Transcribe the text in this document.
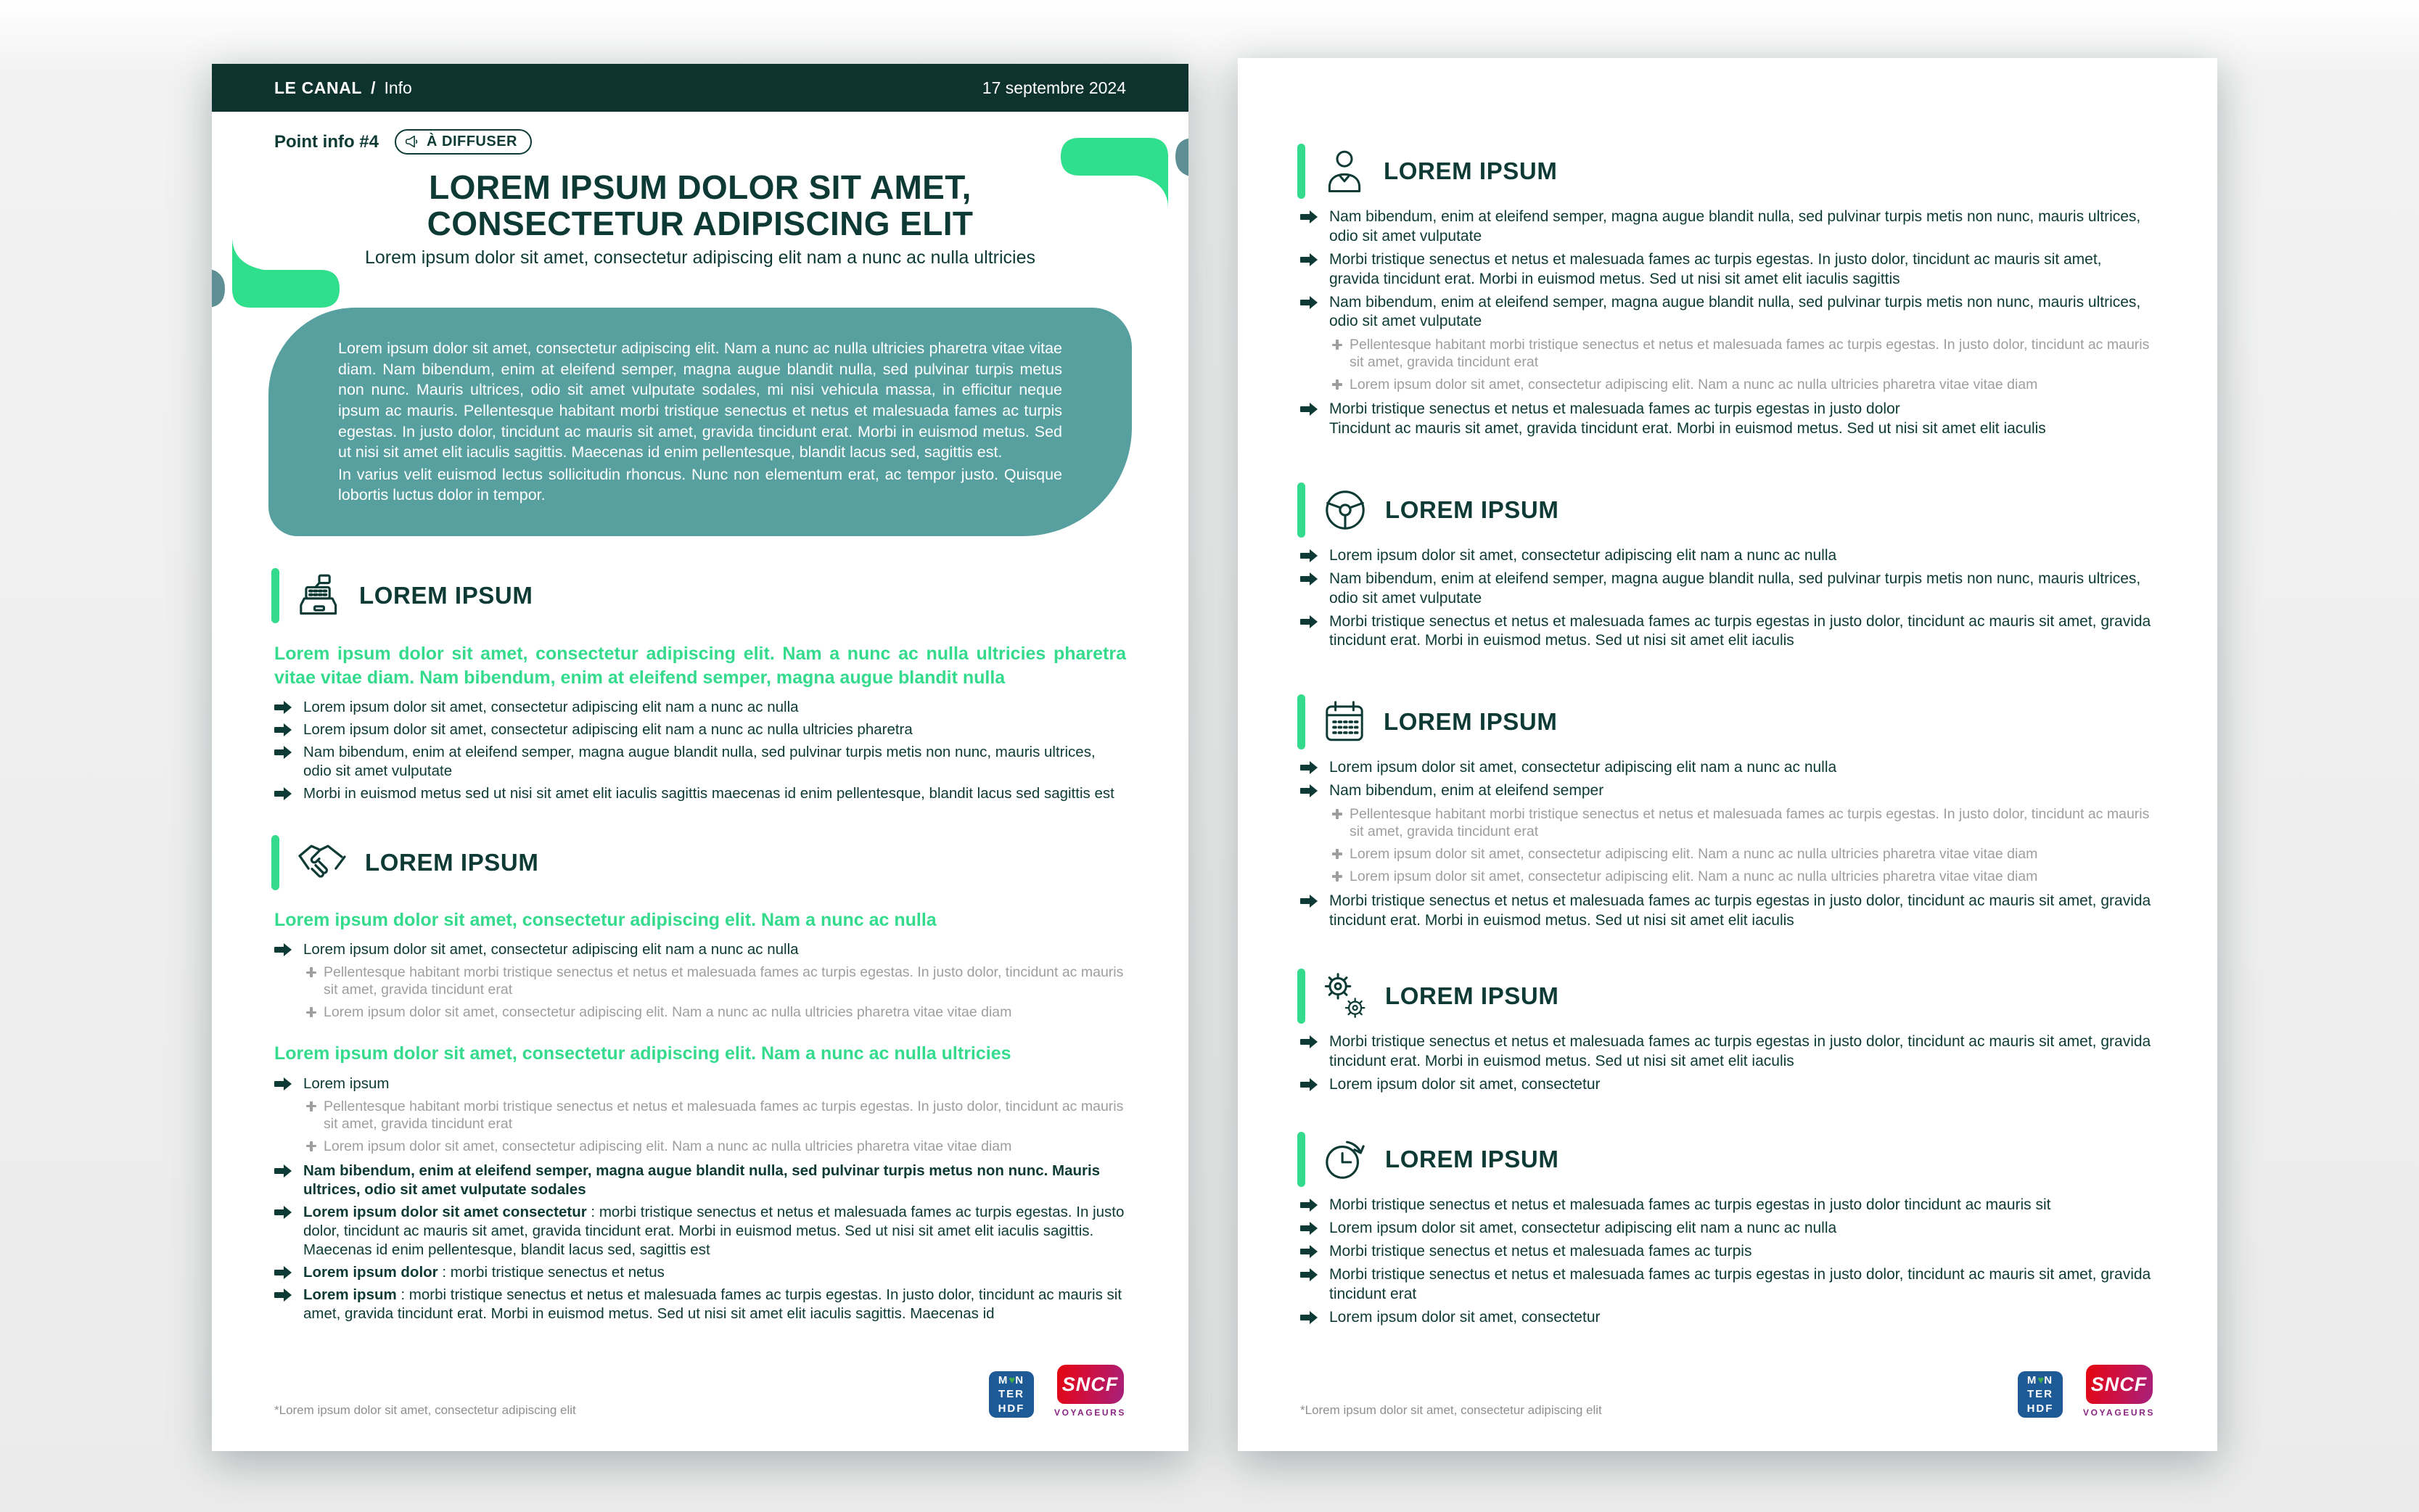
LE CANAL / Info	17 septembre 2024
Point info #4	À DIFFUSER
LOREM IPSUM DOLOR SIT AMET,
CONSECTETUR ADIPISCING ELIT
Lorem ipsum dolor sit amet, consectetur adipiscing elit nam a nunc ac nulla ultricies

Lorem ipsum dolor sit amet, consectetur adipiscing elit. Nam a nunc ac nulla ultricies pharetra vitae vitae diam. Nam bibendum, enim at eleifend semper, magna augue blandit nulla, sed pulvinar turpis metus non nunc. Mauris ultrices, odio sit amet vulputate sodales, mi nisi vehicula massa, in efficitur neque ipsum ac mauris. Pellentesque habitant morbi tristique senectus et netus et malesuada fames ac turpis egestas. In justo dolor, tincidunt ac mauris sit amet, gravida tincidunt erat. Morbi in euismod metus. Sed ut nisi sit amet elit iaculis sagittis. Maecenas id enim pellentesque, blandit lacus sed, sagittis est.

In varius velit euismod lectus sollicitudin rhoncus. Nunc non elementum erat, ac tempor justo. Quisque lobortis luctus dolor in tempor.

LOREM IPSUM
Lorem ipsum dolor sit amet, consectetur adipiscing elit. Nam a nunc ac nulla ultricies pharetra vitae vitae diam. Nam bibendum, enim at eleifend semper, magna augue blandit nulla
Lorem ipsum dolor sit amet, consectetur adipiscing elit nam a nunc ac nulla
Lorem ipsum dolor sit amet, consectetur adipiscing elit nam a nunc ac nulla ultricies pharetra
Nam bibendum, enim at eleifend semper, magna augue blandit nulla, sed pulvinar turpis metis non nunc, mauris ultrices, odio sit amet vulputate
Morbi in euismod metus sed ut nisi sit amet elit iaculis sagittis maecenas id enim pellentesque, blandit lacus sed sagittis est
LOREM IPSUM
Lorem ipsum dolor sit amet, consectetur adipiscing elit. Nam a nunc ac nulla
Lorem ipsum dolor sit amet, consectetur adipiscing elit nam a nunc ac nulla
Pellentesque habitant morbi tristique senectus et netus et malesuada fames ac turpis egestas. In justo dolor, tincidunt ac mauris sit amet, gravida tincidunt erat
Lorem ipsum dolor sit amet, consectetur adipiscing elit. Nam a nunc ac nulla ultricies pharetra vitae vitae diam
Lorem ipsum dolor sit amet, consectetur adipiscing elit. Nam a nunc ac nulla ultricies
Lorem ipsum
Pellentesque habitant morbi tristique senectus et netus et malesuada fames ac turpis egestas. In justo dolor, tincidunt ac mauris sit amet, gravida tincidunt erat
Lorem ipsum dolor sit amet, consectetur adipiscing elit. Nam a nunc ac nulla ultricies pharetra vitae vitae diam
Nam bibendum, enim at eleifend semper, magna augue blandit nulla, sed pulvinar turpis metus non nunc. Mauris ultrices, odio sit amet vulputate sodales
Lorem ipsum dolor sit amet consectetur : morbi tristique senectus et netus et malesuada fames ac turpis egestas. In justo dolor, tincidunt ac mauris sit amet, gravida tincidunt erat. Morbi in euismod metus. Sed ut nisi sit amet elit iaculis sagittis. Maecenas id enim pellentesque, blandit lacus sed, sagittis est
Lorem ipsum dolor : morbi tristique senectus et netus
Lorem ipsum : morbi tristique senectus et netus et malesuada fames ac turpis egestas. In justo dolor, tincidunt ac mauris sit amet, gravida tincidunt erat. Morbi in euismod metus. Sed ut nisi sit amet elit iaculis sagittis. Maecenas id
*Lorem ipsum dolor sit amet, consectetur adipiscing elit
M♥N
TER
HDF
SNCF
VOYAGEURS
LOREM IPSUM
Nam bibendum, enim at eleifend semper, magna augue blandit nulla, sed pulvinar turpis metis non nunc, mauris ultrices, odio sit amet vulputate
Morbi tristique senectus et netus et malesuada fames ac turpis egestas. In justo dolor, tincidunt ac mauris sit amet, gravida tincidunt erat. Morbi in euismod metus. Sed ut nisi sit amet elit iaculis sagittis
Nam bibendum, enim at eleifend semper, magna augue blandit nulla, sed pulvinar turpis metis non nunc, mauris ultrices, odio sit amet vulputate
Pellentesque habitant morbi tristique senectus et netus et malesuada fames ac turpis egestas. In justo dolor, tincidunt ac mauris sit amet, gravida tincidunt erat
Lorem ipsum dolor sit amet, consectetur adipiscing elit. Nam a nunc ac nulla ultricies pharetra vitae vitae diam
Morbi tristique senectus et netus et malesuada fames ac turpis egestas in justo dolor
Tincidunt ac mauris sit amet, gravida tincidunt erat. Morbi in euismod metus. Sed ut nisi sit amet elit iaculis
LOREM IPSUM
Lorem ipsum dolor sit amet, consectetur adipiscing elit nam a nunc ac nulla
Nam bibendum, enim at eleifend semper, magna augue blandit nulla, sed pulvinar turpis metis non nunc, mauris ultrices, odio sit amet vulputate
Morbi tristique senectus et netus et malesuada fames ac turpis egestas in justo dolor, tincidunt ac mauris sit amet, gravida tincidunt erat. Morbi in euismod metus. Sed ut nisi sit amet elit iaculis
LOREM IPSUM
Lorem ipsum dolor sit amet, consectetur adipiscing elit nam a nunc ac nulla
Nam bibendum, enim at eleifend semper
Pellentesque habitant morbi tristique senectus et netus et malesuada fames ac turpis egestas. In justo dolor, tincidunt ac mauris sit amet, gravida tincidunt erat
Lorem ipsum dolor sit amet, consectetur adipiscing elit. Nam a nunc ac nulla ultricies pharetra vitae vitae diam
Lorem ipsum dolor sit amet, consectetur adipiscing elit. Nam a nunc ac nulla ultricies pharetra vitae vitae diam
Morbi tristique senectus et netus et malesuada fames ac turpis egestas in justo dolor, tincidunt ac mauris sit amet, gravida tincidunt erat. Morbi in euismod metus. Sed ut nisi sit amet elit iaculis
LOREM IPSUM
Morbi tristique senectus et netus et malesuada fames ac turpis egestas in justo dolor, tincidunt ac mauris sit amet, gravida tincidunt erat. Morbi in euismod metus. Sed ut nisi sit amet elit iaculis
Lorem ipsum dolor sit amet, consectetur
LOREM IPSUM
Morbi tristique senectus et netus et malesuada fames ac turpis egestas in justo dolor tincidunt ac mauris sit
Lorem ipsum dolor sit amet, consectetur adipiscing elit nam a nunc ac nulla
Morbi tristique senectus et netus et malesuada fames ac turpis
Morbi tristique senectus et netus et malesuada fames ac turpis egestas in justo dolor, tincidunt ac mauris sit amet, gravida tincidunt erat
Lorem ipsum dolor sit amet, consectetur
*Lorem ipsum dolor sit amet, consectetur adipiscing elit
M♥N
TER
HDF
SNCF
VOYAGEURS
